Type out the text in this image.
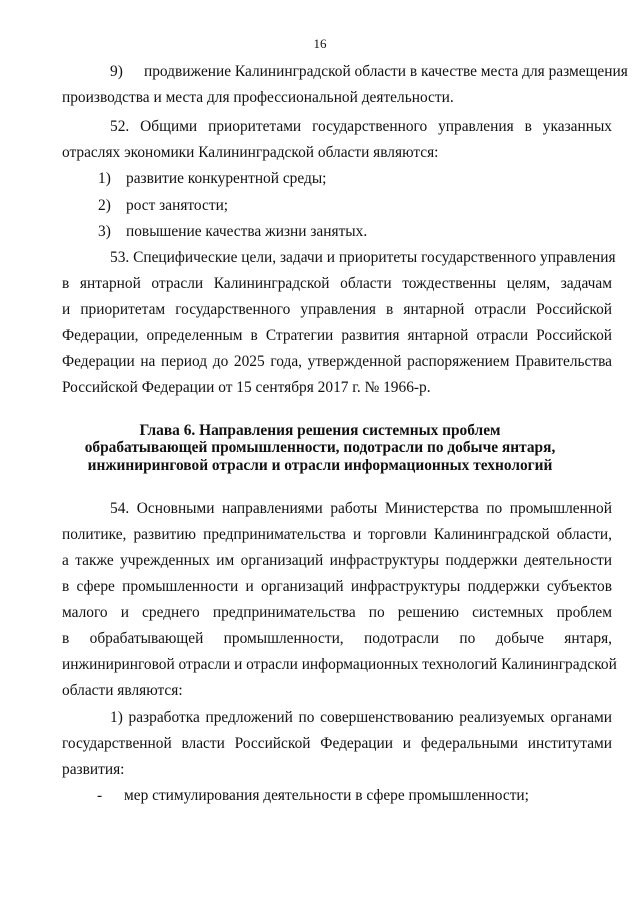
16
9) продвижение Калининградской области в качестве места для размещения
производства и места для профессиональной деятельности.
52. Общими приоритетами государственного управления в указанных
отраслях экономики Калининградской области являются:
1) развитие конкурентной среды;
2) рост занятости;
3) повышение качества жизни занятых.
53. Специфические цели, задачи и приоритеты государственного управления
в янтарной отрасли Калининградской области тождественны целям, задачам
и приоритетам государственного управления в янтарной отрасли Российской
Федерации, определенным в Стратегии развития янтарной отрасли Российской
Федерации на период до 2025 года, утвержденной распоряжением Правительства
Российской Федерации от 15 сентября 2017 г. № 1966-р.
Глава 6. Направления решения системных проблем
обрабатывающей промышленности, подотрасли по добыче янтаря,
инжиниринговой отрасли и отрасли информационных технологий
54. Основными направлениями работы Министерства по промышленной
политике, развитию предпринимательства и торговли Калининградской области,
а также учрежденных им организаций инфраструктуры поддержки деятельности
в сфере промышленности и организаций инфраструктуры поддержки субъектов
малого и среднего предпринимательства по решению системных проблем
в обрабатывающей промышленности, подотрасли по добыче янтаря,
инжиниринговой отрасли и отрасли информационных технологий Калининградской
области являются:
1) разработка предложений по совершенствованию реализуемых органами
государственной власти Российской Федерации и федеральными институтами
развития:
- мер стимулирования деятельности в сфере промышленности;
